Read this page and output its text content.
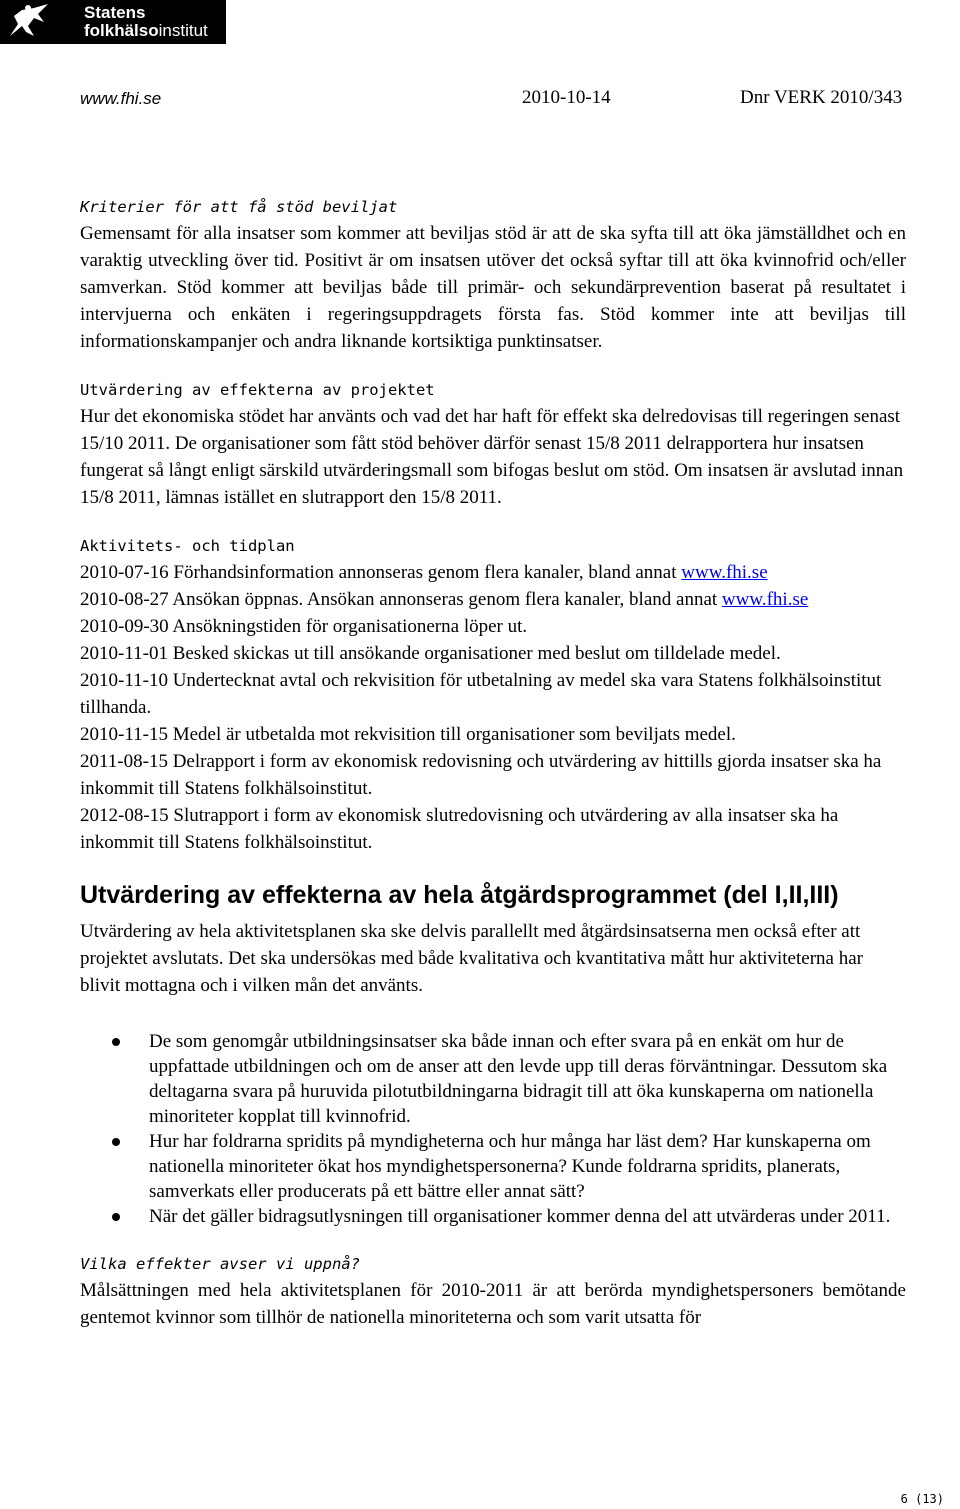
Statens
folkhälsoinstitut
www.fhi.se	2010-10-14	Dnr VERK 2010/343

Kriterier för att få stöd beviljat

Gemensamt för alla insatser som kommer att beviljas stöd är att de ska syfta till att öka jämställdhet och en varaktig utveckling över tid. Positivt är om insatsen utöver det också syftar till att öka kvinnofrid och/eller samverkan. Stöd kommer att beviljas både till primär- och sekundärprevention baserat på resultatet i intervjuerna och enkäten i regeringsuppdragets första fas. Stöd kommer inte att beviljas till informationskampanjer och andra liknande kortsiktiga punktinsatser.

Utvärdering av effekterna av projektet

Hur det ekonomiska stödet har använts och vad det har haft för effekt ska delredovisas till regeringen senast 15/10 2011. De organisationer som fått stöd behöver därför senast 15/8 2011 delrapportera hur insatsen fungerat så långt enligt särskild utvärderingsmall som bifogas beslut om stöd. Om insatsen är avslutad innan 15/8 2011, lämnas istället en slutrapport den 15/8 2011.

Aktivitets- och tidplan

2010-07-16 Förhandsinformation annonseras genom flera kanaler, bland annat www.fhi.se

2010-08-27 Ansökan öppnas. Ansökan annonseras genom flera kanaler, bland annat www.fhi.se

2010-09-30 Ansökningstiden för organisationerna löper ut.

2010-11-01 Besked skickas ut till ansökande organisationer med beslut om tilldelade medel.

2010-11-10 Undertecknat avtal och rekvisition för utbetalning av medel ska vara Statens folkhälsoinstitut tillhanda.

2010-11-15 Medel är utbetalda mot rekvisition till organisationer som beviljats medel.

2011-08-15 Delrapport i form av ekonomisk redovisning och utvärdering av hittills gjorda insatser ska ha inkommit till Statens folkhälsoinstitut.

2012-08-15 Slutrapport i form av ekonomisk slutredovisning och utvärdering av alla insatser ska ha inkommit till Statens folkhälsoinstitut.

Utvärdering av effekterna av hela åtgärdsprogrammet (del I,II,III)

Utvärdering av hela aktivitetsplanen ska ske delvis parallellt med åtgärdsinsatserna men också efter att projektet avslutats. Det ska undersökas med både kvalitativa och kvantitativa mått hur aktiviteterna har blivit mottagna och i vilken mån det använts.

De som genomgår utbildningsinsatser ska både innan och efter svara på en enkät om hur de uppfattade utbildningen och om de anser att den levde upp till deras förväntningar. Dessutom ska deltagarna svara på huruvida pilotutbildningarna bidragit till att öka kunskaperna om nationella minoriteter kopplat till kvinnofrid.
Hur har foldrarna spridits på myndigheterna och hur många har läst dem? Har kunskaperna om nationella minoriteter ökat hos myndighetspersonerna? Kunde foldrarna spridits, planerats, samverkats eller producerats på ett bättre eller annat sätt?
När det gäller bidragsutlysningen till organisationer kommer denna del att utvärderas under 2011.

Vilka effekter avser vi uppnå?

Målsättningen med hela aktivitetsplanen för 2010-2011 är att berörda myndighetspersoners bemötande gentemot kvinnor som tillhör de nationella minoriteterna och som varit utsatta för

6 (13)
